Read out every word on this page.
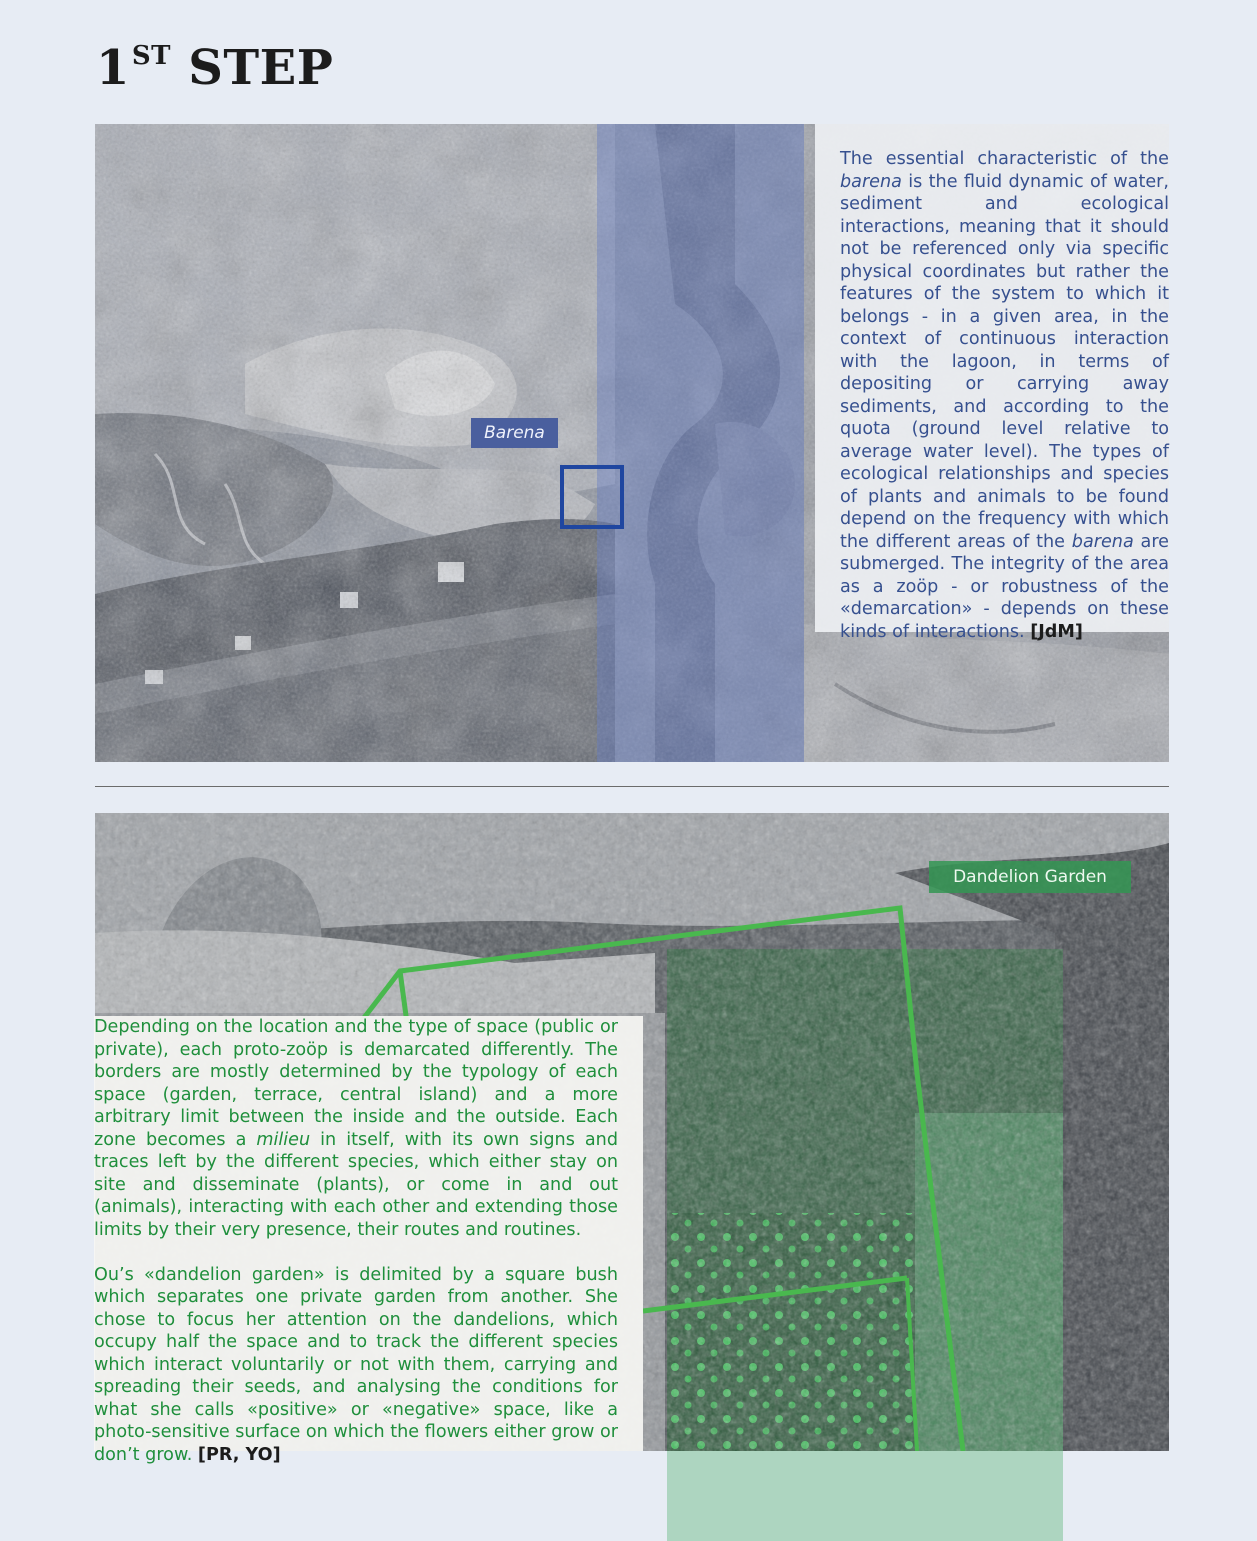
1ST STEP
Barena

The essential characteristic of the barena is the fluid dynamic of water, sediment and ecological interactions, meaning that it should not be referenced only via specific physical coordinates but rather the features of the system to which it belongs - in a given area, in the context of continuous interaction with the lagoon, in terms of depositing or carrying away sediments, and according to the quota (ground level relative to average water level). The types of ecological relationships and species of plants and animals to be found depend on the frequency with which the different areas of the barena are submerged. The integrity of the area as a zoöp - or robustness of the «demarcation» - depends on these kinds of interactions. [JdM]

Dandelion Garden

Depending on the location and the type of space (public or private), each proto-zoöp is demarcated differently. The borders are mostly determined by the typology of each space (garden, terrace, central island) and a more arbitrary limit between the inside and the outside. Each zone becomes a milieu in itself, with its own signs and traces left by the different species, which either stay on site and disseminate (plants), or come in and out (animals), interacting with each other and extending those limits by their very presence, their routes and routines.

Ou’s «dandelion garden» is delimited by a square bush which separates one private garden from another. She chose to focus her attention on the dandelions, which occupy half the space and to track the different species which interact voluntarily or not with them, carrying and spreading their seeds, and analysing the conditions for what she calls «positive» or «negative» space, like a photo-sensitive surface on which the flowers either grow or don’t grow. [PR, YO]
